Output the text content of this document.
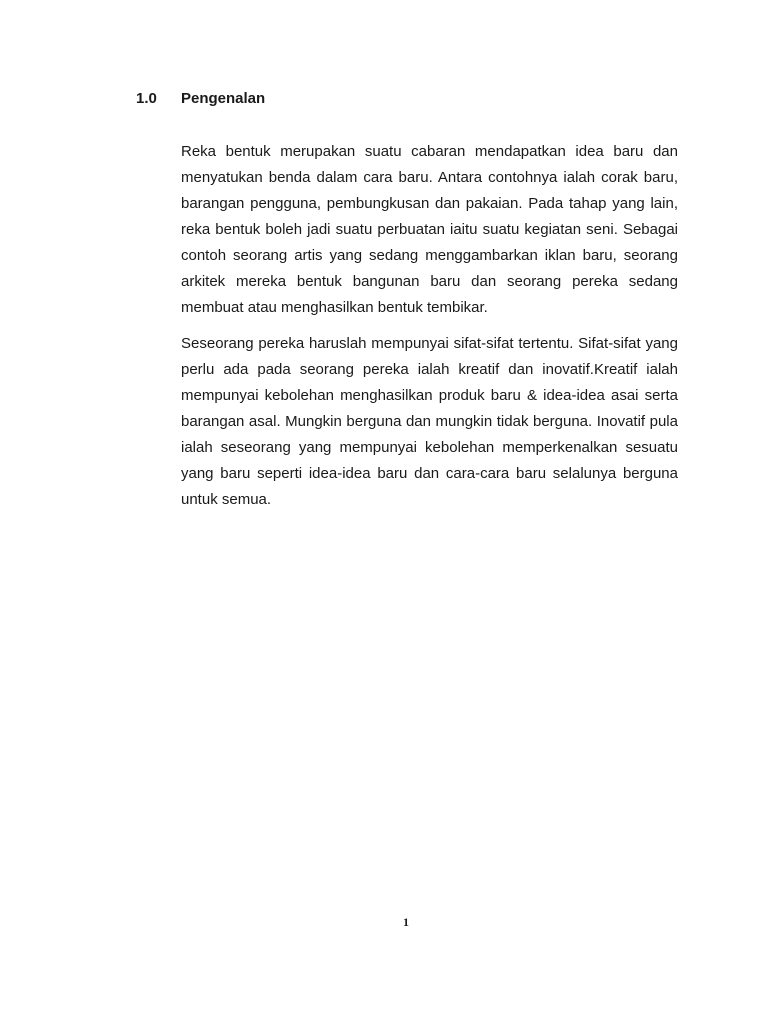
1.0	Pengenalan

Reka bentuk merupakan suatu cabaran mendapatkan idea baru dan menyatukan benda dalam cara baru. Antara contohnya ialah corak baru, barangan pengguna, pembungkusan dan pakaian. Pada tahap yang lain, reka bentuk boleh jadi suatu perbuatan iaitu suatu kegiatan seni. Sebagai contoh seorang artis yang sedang menggambarkan iklan baru, seorang arkitek mereka bentuk bangunan baru dan seorang pereka sedang membuat atau menghasilkan bentuk tembikar.

Seseorang pereka haruslah mempunyai sifat-sifat tertentu. Sifat-sifat yang perlu ada pada seorang pereka ialah kreatif dan inovatif.Kreatif ialah mempunyai kebolehan menghasilkan produk baru & idea-idea asai serta barangan asal. Mungkin berguna dan mungkin tidak berguna. Inovatif pula ialah seseorang yang mempunyai kebolehan memperkenalkan sesuatu yang baru seperti idea-idea baru dan cara-cara baru selalunya berguna untuk semua.

1
